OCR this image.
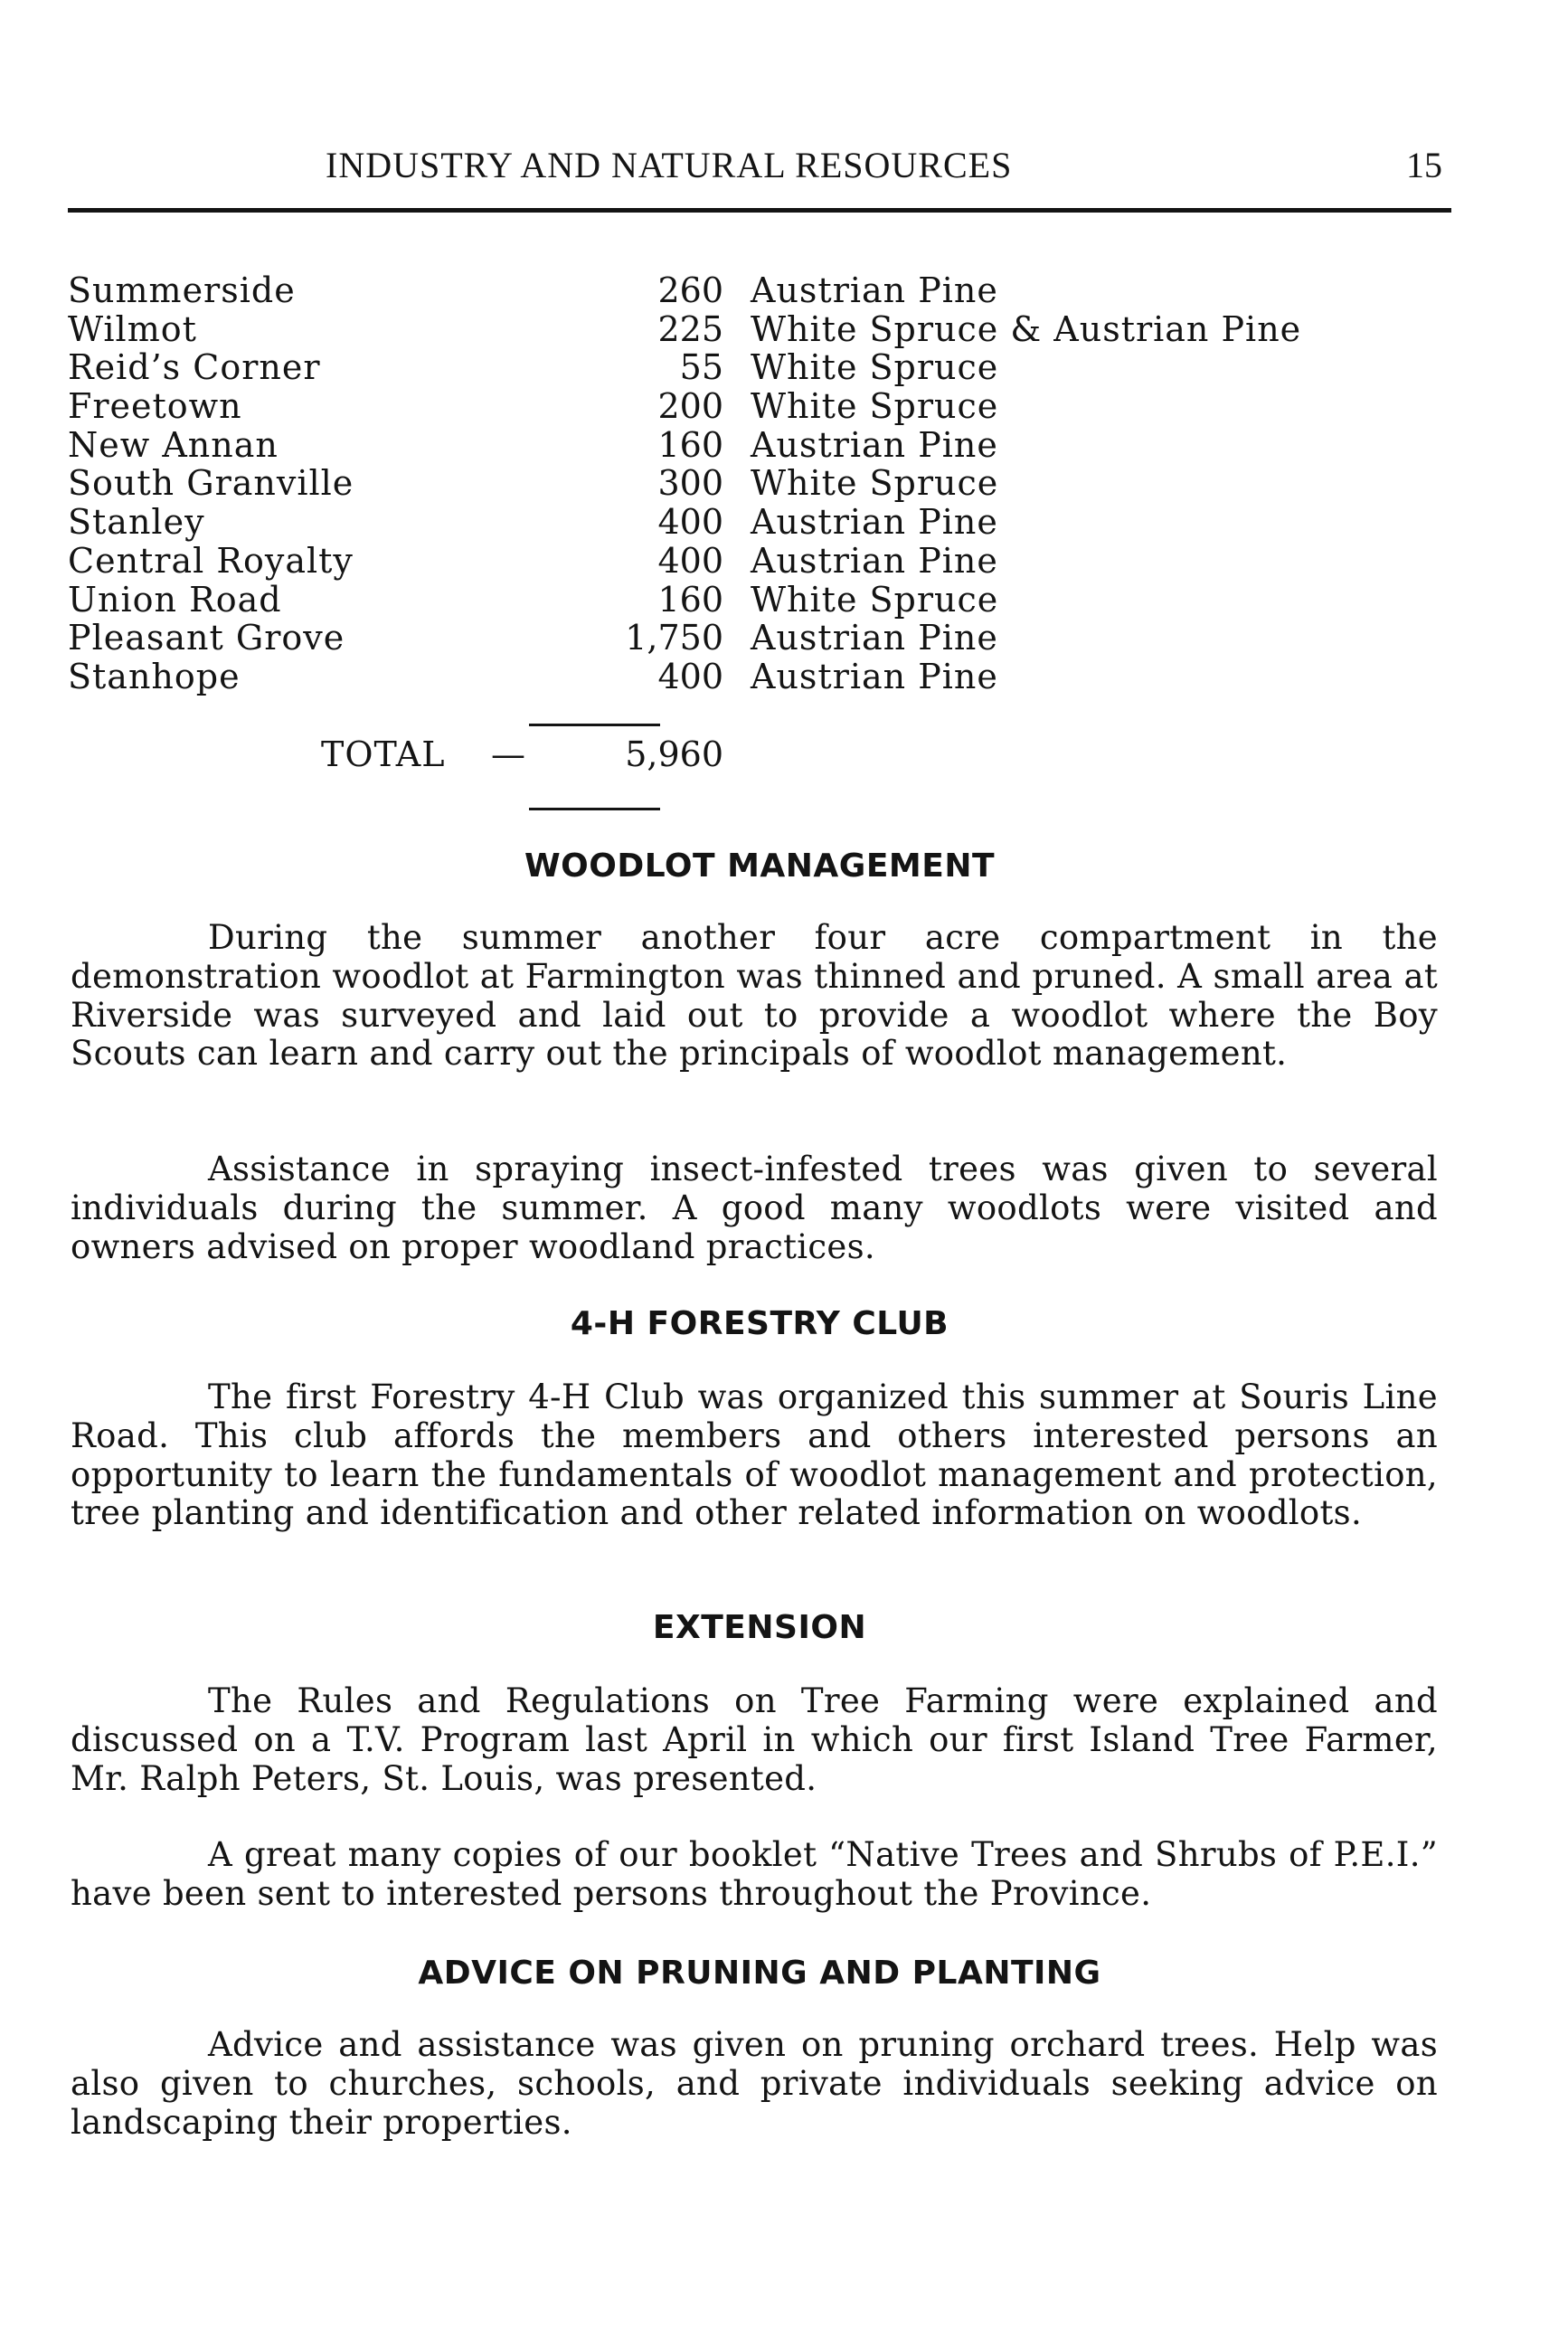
INDUSTRY AND NATURAL RESOURCES	15
Summerside	260 Austrian Pine
Wilmot	225 White Spruce & Austrian Pine
Reid’s Corner	55 White Spruce
Freetown	200 White Spruce
New Annan	160 Austrian Pine
South Granville	300 White Spruce
Stanley	400 Austrian Pine
Central Royalty	400 Austrian Pine
Union Road	160 White Spruce
Pleasant Grove	1,750 Austrian Pine
Stanhope	400 Austrian Pine
TOTAL —	5,960
WOODLOT MANAGEMENT

During the summer another four acre compartment in the demonstration woodlot at Farmington was thinned and pruned. A small area at Riverside was surveyed and laid out to provide a woodlot where the Boy Scouts can learn and carry out the principals of woodlot management.

Assistance in spraying insect-infested trees was given to several individuals during the summer. A good many woodlots were visited and owners advised on proper woodland practices.

4-H FORESTRY CLUB

The first Forestry 4-H Club was organized this summer at Souris Line Road. This club affords the members and others interested persons an opportunity to learn the fundamentals of woodlot management and protection, tree planting and identification and other related information on woodlots.

EXTENSION

The Rules and Regulations on Tree Farming were explained and discussed on a T.V. Program last April in which our first Island Tree Farmer, Mr. Ralph Peters, St. Louis, was presented.

A great many copies of our booklet “Native Trees and Shrubs of P.E.I.” have been sent to interested persons throughout the Province.

ADVICE ON PRUNING AND PLANTING

Advice and assistance was given on pruning orchard trees. Help was also given to churches, schools, and private individuals seeking advice on landscaping their properties.
